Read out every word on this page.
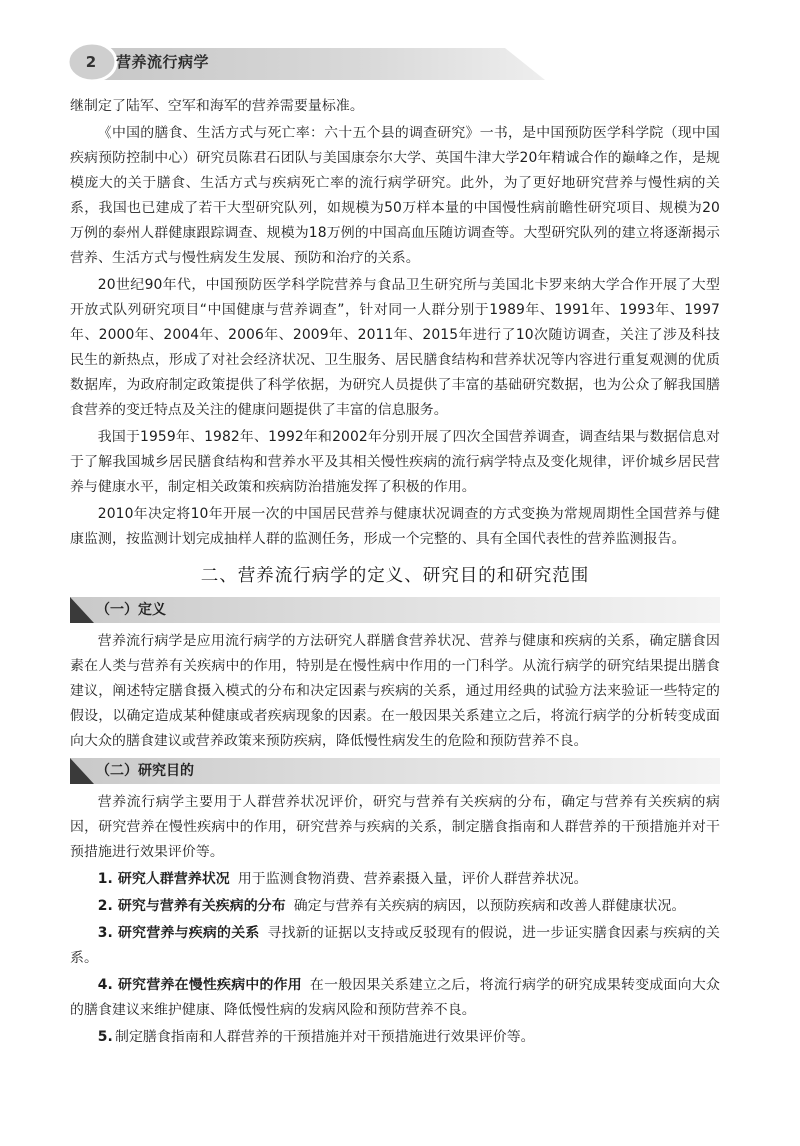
2	营养流行病学

继制定了陆军、空军和海军的营养需要量标准。

《中国的膳食、生活方式与死亡率：六十五个县的调查研究》一书，是中国预防医学科学院（现中国疾病预防控制中心）研究员陈君石团队与美国康奈尔大学、英国牛津大学20年精诚合作的巅峰之作，是规模庞大的关于膳食、生活方式与疾病死亡率的流行病学研究。此外，为了更好地研究营养与慢性病的关系，我国也已建成了若干大型研究队列，如规模为50万样本量的中国慢性病前瞻性研究项目、规模为20万例的泰州人群健康跟踪调查、规模为18万例的中国高血压随访调查等。大型研究队列的建立将逐渐揭示营养、生活方式与慢性病发生发展、预防和治疗的关系。

20世纪90年代，中国预防医学科学院营养与食品卫生研究所与美国北卡罗来纳大学合作开展了大型开放式队列研究项目“中国健康与营养调查”，针对同一人群分别于1989年、1991年、1993年、1997年、2000年、2004年、2006年、2009年、2011年、2015年进行了10次随访调查，关注了涉及科技民生的新热点，形成了对社会经济状况、卫生服务、居民膳食结构和营养状况等内容进行重复观测的优质数据库，为政府制定政策提供了科学依据，为研究人员提供了丰富的基础研究数据，也为公众了解我国膳食营养的变迁特点及关注的健康问题提供了丰富的信息服务。

我国于1959年、1982年、1992年和2002年分别开展了四次全国营养调查，调查结果与数据信息对于了解我国城乡居民膳食结构和营养水平及其相关慢性疾病的流行病学特点及变化规律，评价城乡居民营养与健康水平，制定相关政策和疾病防治措施发挥了积极的作用。

2010年决定将10年开展一次的中国居民营养与健康状况调查的方式变换为常规周期性全国营养与健康监测，按监测计划完成抽样人群的监测任务，形成一个完整的、具有全国代表性的营养监测报告。

二、营养流行病学的定义、研究目的和研究范围
（一）定义

营养流行病学是应用流行病学的方法研究人群膳食营养状况、营养与健康和疾病的关系，确定膳食因素在人类与营养有关疾病中的作用，特别是在慢性病中作用的一门科学。从流行病学的研究结果提出膳食建议，阐述特定膳食摄入模式的分布和决定因素与疾病的关系，通过用经典的试验方法来验证一些特定的假设，以确定造成某种健康或者疾病现象的因素。在一般因果关系建立之后，将流行病学的分析转变成面向大众的膳食建议或营养政策来预防疾病，降低慢性病发生的危险和预防营养不良。

（二）研究目的

营养流行病学主要用于人群营养状况评价，研究与营养有关疾病的分布，确定与营养有关疾病的病因，研究营养在慢性疾病中的作用，研究营养与疾病的关系，制定膳食指南和人群营养的干预措施并对干预措施进行效果评价等。

1. 研究人群营养状况 用于监测食物消费、营养素摄入量，评价人群营养状况。

2. 研究与营养有关疾病的分布 确定与营养有关疾病的病因，以预防疾病和改善人群健康状况。

3. 研究营养与疾病的关系 寻找新的证据以支持或反驳现有的假说，进一步证实膳食因素与疾病的关系。

4. 研究营养在慢性疾病中的作用 在一般因果关系建立之后，将流行病学的研究成果转变成面向大众的膳食建议来维护健康、降低慢性病的发病风险和预防营养不良。

5. 制定膳食指南和人群营养的干预措施并对干预措施进行效果评价等。
